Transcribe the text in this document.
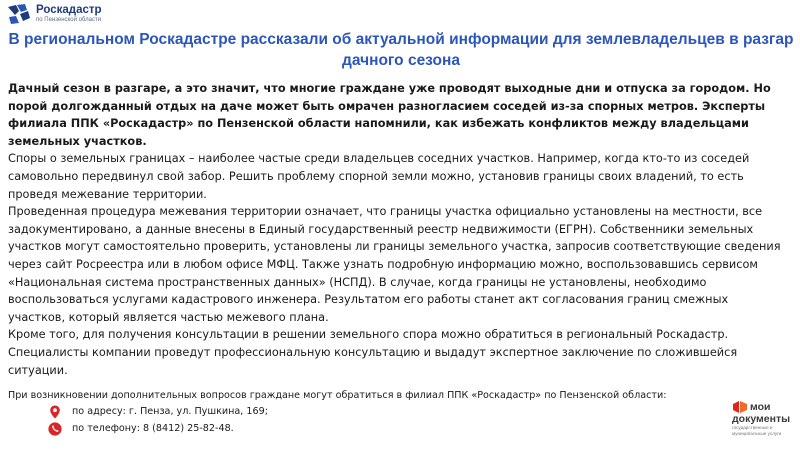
Роскадастр
по Пензенской области
В региональном Роскадастре рассказали об актуальной информации для землевладельцев в разгар дачного сезона

Дачный сезон в разгаре, а это значит, что многие граждане уже проводят выходные дни и отпуска за городом. Но порой долгожданный отдых на даче может быть омрачен разногласием соседей из-за спорных метров. Эксперты филиала ППК «Роскадастр» по Пензенской области напомнили, как избежать конфликтов между владельцами земельных участков.

Споры о земельных границах – наиболее частые среди владельцев соседних участков. Например, когда кто-то из соседей самовольно передвинул свой забор. Решить проблему спорной земли можно, установив границы своих владений, то есть проведя межевание территории.

Проведенная процедура межевания территории означает, что границы участка официально установлены на местности, все задокументировано, а данные внесены в Единый государственный реестр недвижимости (ЕГРН). Собственники земельных участков могут самостоятельно проверить, установлены ли границы земельного участка, запросив соответствующие сведения через сайт Росреестра или в любом офисе МФЦ. Также узнать подробную информацию можно, воспользовавшись сервисом «Национальная система пространственных данных» (НСПД). В случае, когда границы не установлены, необходимо воспользоваться услугами кадастрового инженера. Результатом его работы станет акт согласования границ смежных участков, который является частью межевого плана.

Кроме того, для получения консультации в решении земельного спора можно обратиться в региональный Роскадастр. Специалисты компании проведут профессиональную консультацию и выдадут экспертное заключение по сложившейся ситуации.

При возникновении дополнительных вопросов граждане могут обратиться в филиал ППК «Роскадастр» по Пензенской области:
по адресу: г. Пенза, ул. Пушкина, 169;
по телефону: 8 (8412) 25-82-48.
мои
документы
государственные и муниципальные услуги
